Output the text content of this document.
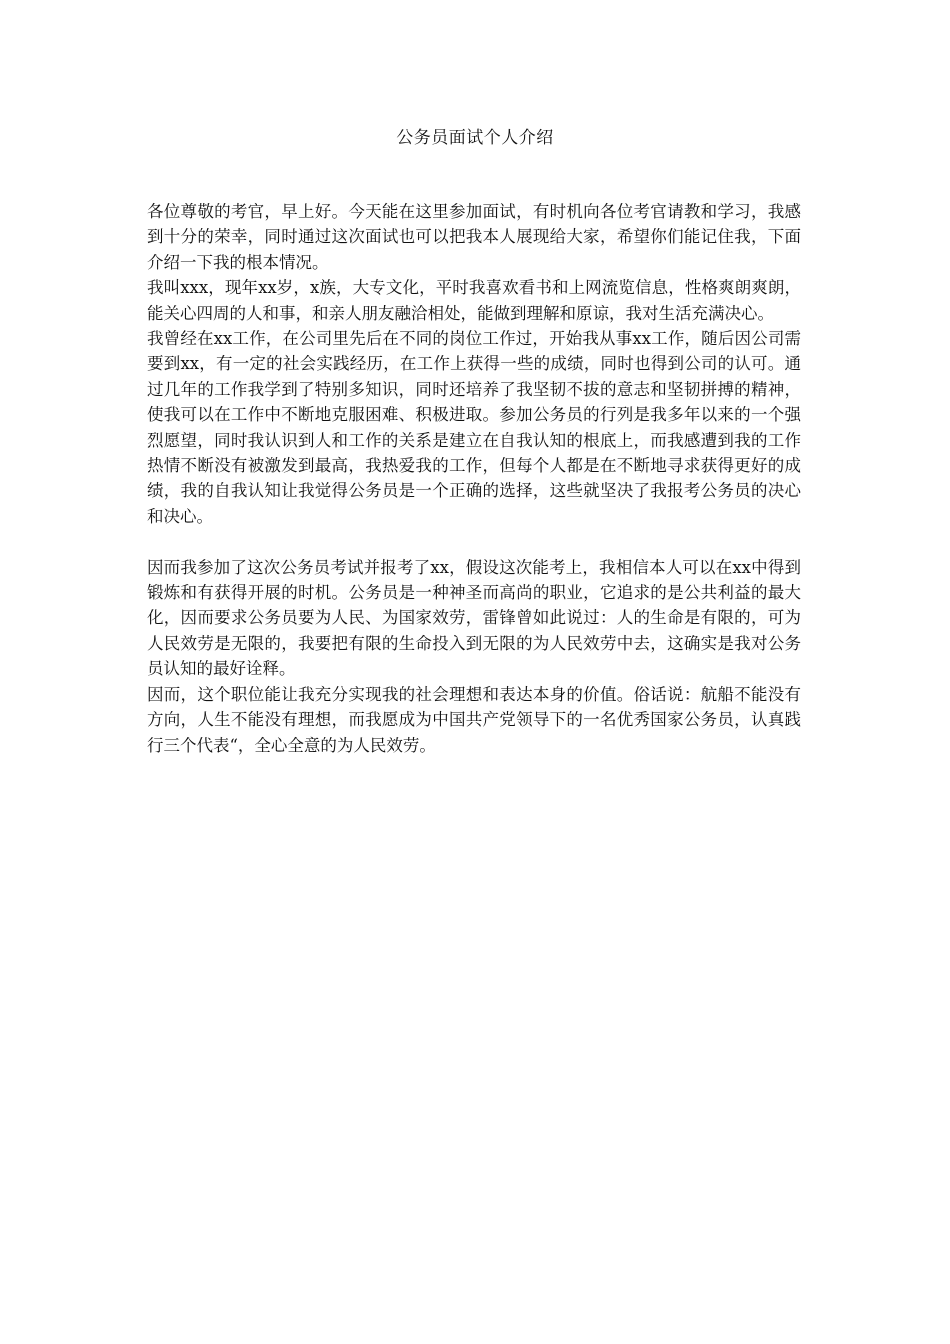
公务员面试个人介绍

各位尊敬的考官，早上好。今天能在这里参加面试，有时机向各位考官请教和学习，我感到十分的荣幸，同时通过这次面试也可以把我本人展现给大家，希望你们能记住我，下面介绍一下我的根本情况。

我叫xxx，现年xx岁，x族，大专文化，平时我喜欢看书和上网流览信息，性格爽朗爽朗，能关心四周的人和事，和亲人朋友融洽相处，能做到理解和原谅，我对生活充满决心。

我曾经在xx工作，在公司里先后在不同的岗位工作过，开始我从事xx工作，随后因公司需要到xx，有一定的社会实践经历，在工作上获得一些的成绩，同时也得到公司的认可。通过几年的工作我学到了特别多知识，同时还培养了我坚韧不拔的意志和坚韧拼搏的精神，使我可以在工作中不断地克服困难、积极进取。参加公务员的行列是我多年以来的一个强烈愿望，同时我认识到人和工作的关系是建立在自我认知的根底上，而我感遭到我的工作热情不断没有被激发到最高，我热爱我的工作，但每个人都是在不断地寻求获得更好的成绩，我的自我认知让我觉得公务员是一个正确的选择，这些就坚决了我报考公务员的决心和决心。

因而我参加了这次公务员考试并报考了xx，假设这次能考上，我相信本人可以在xx中得到锻炼和有获得开展的时机。公务员是一种神圣而高尚的职业，它追求的是公共利益的最大化，因而要求公务员要为人民、为国家效劳，雷锋曾如此说过：人的生命是有限的，可为人民效劳是无限的，我要把有限的生命投入到无限的为人民效劳中去，这确实是我对公务员认知的最好诠释。

因而，这个职位能让我充分实现我的社会理想和表达本身的价值。俗话说：航船不能没有方向，人生不能没有理想，而我愿成为中国共产党领导下的一名优秀国家公务员，认真践行三个代表“，全心全意的为人民效劳。
